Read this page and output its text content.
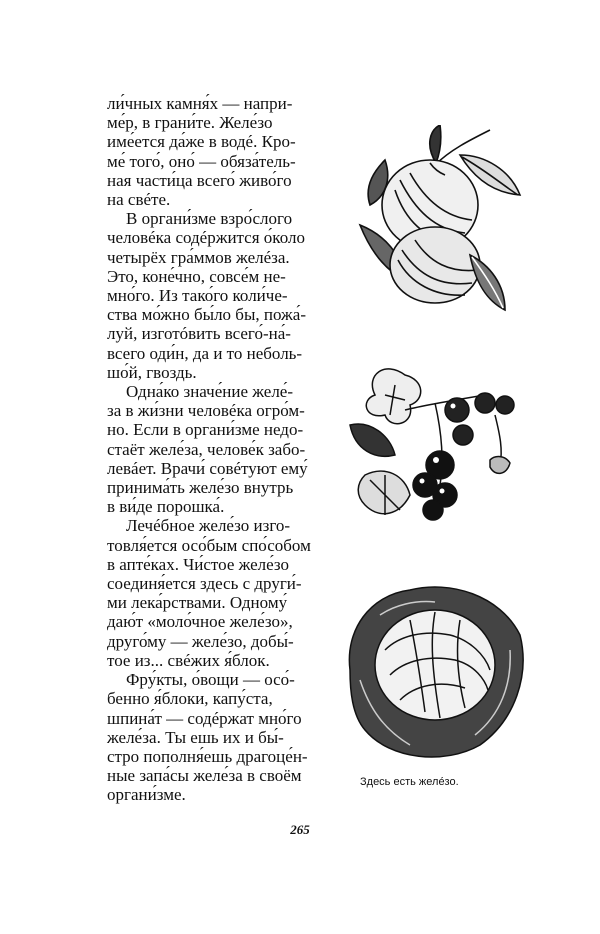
ли́чных камня́х — напри-
ме́р, в грани́те. Желе́зо
име́ется да́же в водé. Кро-
ме́ того́, оно́ — обяза́тель-
ная части́ца всего́ живо́го
на свéте.

В органи́зме взро́слого

человéка содéржится о́коло
четырёх гра́ммов желéза.
Это, коне́чно, совсе́м не-
мно́го. Из тако́го коли́че-
ства мо́жно бы́ло бы, пожа́-
луй, изготóвить всего́-на́-
всего оди́н, да и то неболь-
шо́й, гвоздь.

Одна́ко значе́ние желе́-

за в жи́зни человéка огро́м-
но. Если в органи́зме недо-
стаёт желе́за, челове́к забо-
левáет. Врачи́ совéтуют ему́
принима́ть желе́зо внутрь
в ви́де порошка́.

Лечéбное желе́зо изго-

товля́ется осо́бым спо́собом
в апте́ках. Чи́стое желе́зо
соединя́ется здесь с други́-
ми лека́рствами. Одному́
даю́т «моло́чное желе́зо»,
друго́му — желе́зо, добы́-
тое из... свéжих я́блок.

Фру́кты, о́вощи — осо́-

бенно я́блоки, капу́ста,
шпина́т — содéржат мно́го
желе́за. Ты ешь их и бы́-
стро пополня́ешь драгоце́н-
ные запа́сы желе́за в своём
органи́зме.

Здесь есть желе́зо.
265
